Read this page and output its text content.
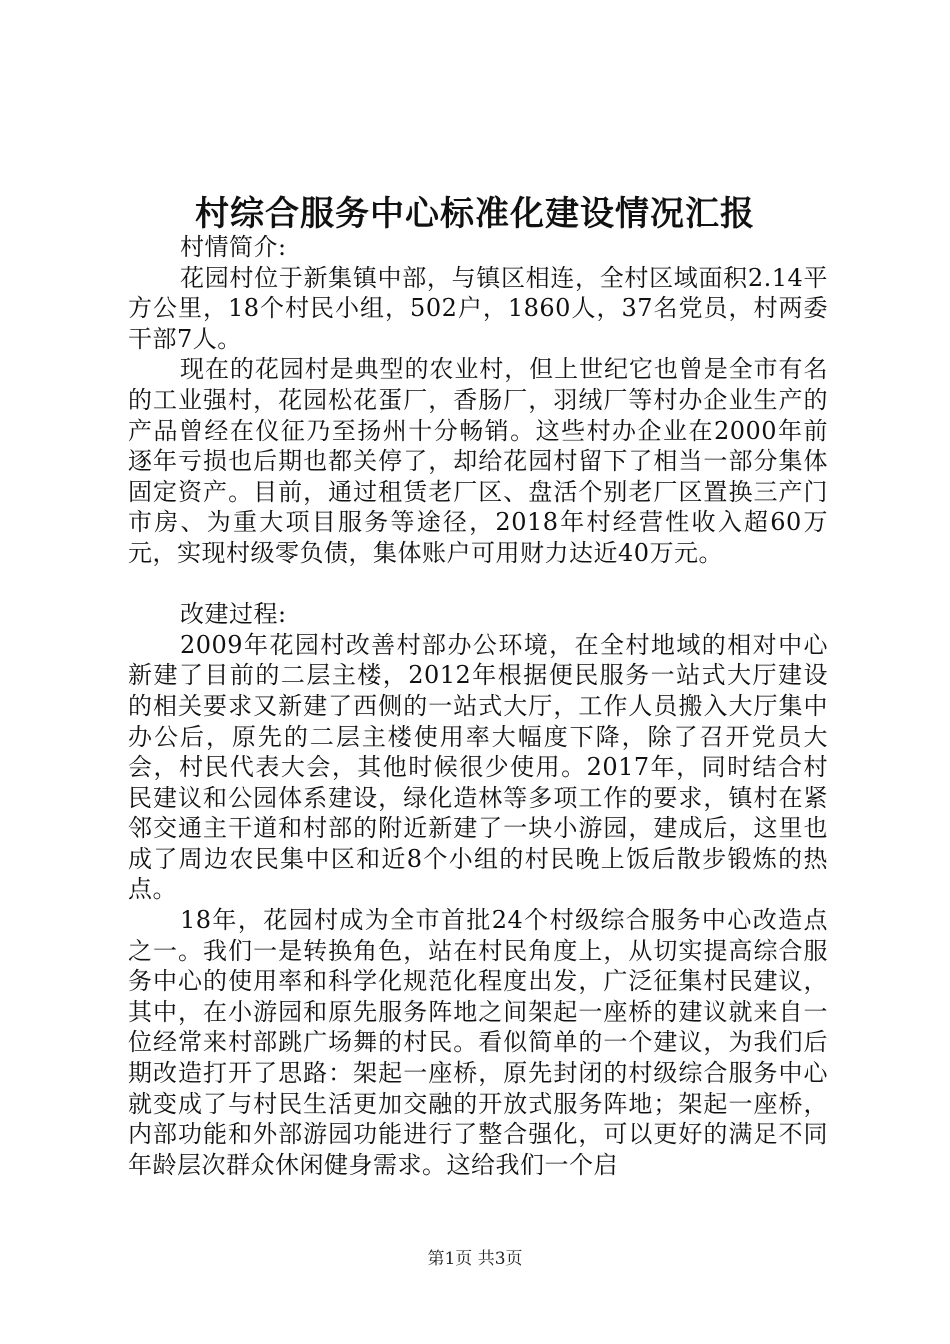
村综合服务中心标准化建设情况汇报

村情简介:

花园村位于新集镇中部，与镇区相连，全村区域面积2.14平方公里，18个村民小组，502户，1860人，37名党员，村两委干部7人。

现在的花园村是典型的农业村，但上世纪它也曾是全市有名的工业强村，花园松花蛋厂，香肠厂，羽绒厂等村办企业生产的产品曾经在仪征乃至扬州十分畅销。这些村办企业在2000年前逐年亏损也后期也都关停了，却给花园村留下了相当一部分集体固定资产。目前，通过租赁老厂区、盘活个别老厂区置换三产门市房、为重大项目服务等途径，2018年村经营性收入超60万元，实现村级零负债，集体账户可用财力达近40万元。

改建过程:

2009年花园村改善村部办公环境，在全村地域的相对中心新建了目前的二层主楼，2012年根据便民服务一站式大厅建设的相关要求又新建了西侧的一站式大厅，工作人员搬入大厅集中办公后，原先的二层主楼使用率大幅度下降，除了召开党员大会，村民代表大会，其他时候很少使用。2017年，同时结合村民建议和公园体系建设，绿化造林等多项工作的要求，镇村在紧邻交通主干道和村部的附近新建了一块小游园，建成后，这里也成了周边农民集中区和近8个小组的村民晚上饭后散步锻炼的热点。

18年，花园村成为全市首批24个村级综合服务中心改造点之一。我们一是转换角色，站在村民角度上，从切实提高综合服务中心的使用率和科学化规范化程度出发，广泛征集村民建议，其中，在小游园和原先服务阵地之间架起一座桥的建议就来自一位经常来村部跳广场舞的村民。看似简单的一个建议，为我们后期改造打开了思路：架起一座桥，原先封闭的村级综合服务中心就变成了与村民生活更加交融的开放式服务阵地；架起一座桥，内部功能和外部游园功能进行了整合强化，可以更好的满足不同年龄层次群众休闲健身需求。这给我们一个启

第1页 共3页
